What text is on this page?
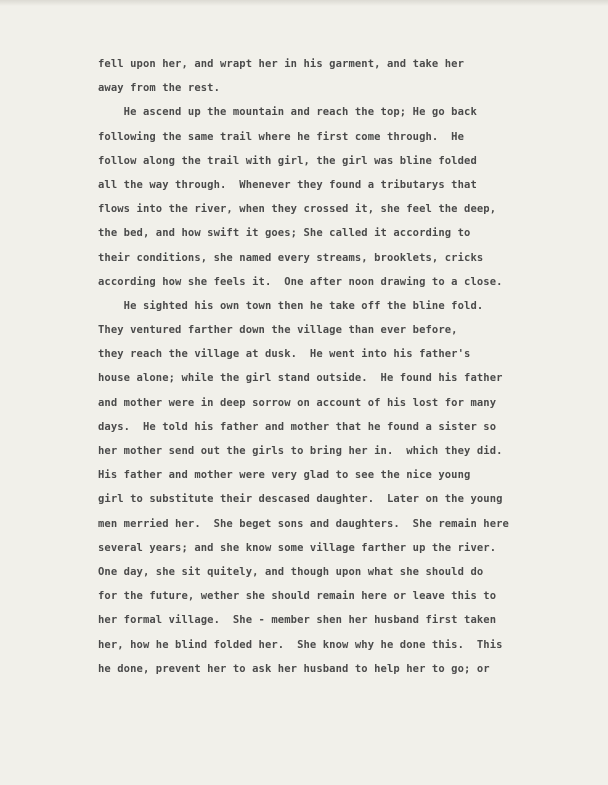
fell upon her, and wrapt her in his garment, and take her
away from the rest.
He ascend up the mountain and reach the top; He go back
following the same trail where he first come through.  He
follow along the trail with girl, the girl was bline folded
all the way through.  Whenever they found a tributarys that
flows into the river, when they crossed it, she feel the deep,
the bed, and how swift it goes; She called it according to
their conditions, she named every streams, brooklets, cricks
according how she feels it.  One after noon drawing to a close.
He sighted his own town then he take off the bline fold.
They ventured farther down the village than ever before,
they reach the village at dusk.  He went into his father's
house alone; while the girl stand outside.  He found his father
and mother were in deep sorrow on account of his lost for many
days.  He told his father and mother that he found a sister so
her mother send out the girls to bring her in.  which they did.
His father and mother were very glad to see the nice young
girl to substitute their descased daughter.  Later on the young
men merried her.  She beget sons and daughters.  She remain here
several years; and she know some village farther up the river.
One day, she sit quitely, and though upon what she should do
for the future, wether she should remain here or leave this to
her formal village.  She - member shen her husband first taken
her, how he blind folded her.  She know why he done this.  This
he done, prevent her to ask her husband to help her to go; or
